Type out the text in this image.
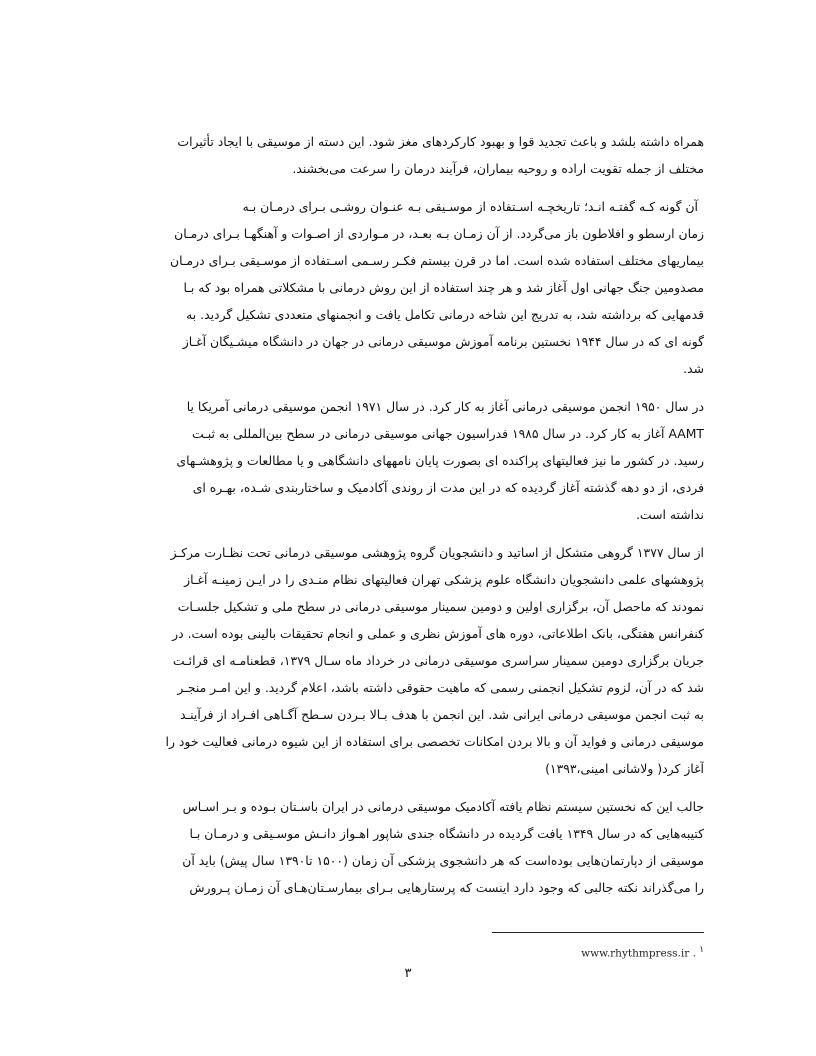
همراه داشته بلشد و باعث تجدید قوا و بهبود کارکردهای مغز شود. این دسته از موسیقی با ایجاد تأثیرات
مختلف از جمله تقویت اراده و روحیه بیماران، فرآیند درمان را سرعت می‌بخشند.

آن گونه کـه گفتـه انـد؛ تاریخچـه اسـتفاده از موسـیقی بـه عنـوان روشـی بـرای درمـان بـه
زمان ارسطو و افلاطون باز می‌گردد. از آن زمـان بـه بعـد، در مـواردی از اصـوات و آهنگهـا بـرای درمـان
بیماریهای مختلف استفاده شده است. اما در قرن بیستم فکـر رسـمی اسـتفاده از موسـیقی بـرای درمـان
مصدومین جنگ جهانی اول آغاز شد و هر چند استفاده از این روش درمانی با مشکلاتی همراه بود که بـا
قدمهایی که برداشته شد، به تدریج این شاخه درمانی تکامل یافت و انجمنهای متعددی تشکیل گردید. به
گونه ای که در سال ۱۹۴۴ نخستین برنامه آموزش موسیقی درمانی در جهان در دانشگاه میشـیگان آغـاز
شد.

در سال ۱۹۵۰ انجمن موسیقی درمانی آغاز به کار کرد. در سال ۱۹۷۱ انجمن موسیقی درمانی آمریکا یا
AAMT آغاز به کار کرد. در سال ۱۹۸۵ فدراسیون جهانی موسیقی درمانی در سطح بین‌المللی به ثبـت
رسید. در کشور ما نیز فعالیتهای پراکنده ای بصورت پایان نامههای دانشگاهی و یا مطالعات و پژوهشـهای
فردی، از دو دهه گذشته آغاز گردیده که در این مدت از روندی آکادمیک و ساختاربندی شـده، بهـره ای
نداشته است.

از سال ۱۳۷۷ گروهی متشکل از اساتید و دانشجویان گروه پژوهشی موسیقی درمانی تحت نظـارت مرکـز
پژوهشهای علمی دانشجویان دانشگاه علوم پزشکی تهران فعالیتهای نظام منـدی را در ایـن زمینـه آغـاز
نمودند که ماحصل آن، برگزاری اولین و دومین سمینار موسیقی درمانی در سطح ملی و تشکیل جلسـات
کنفرانس هفتگی، بانک اطلاعاتی، دوره های آموزش نظری و عملی و انجام تحقیقات بالینی بوده است. در
جریان برگزاری دومین سمینار سراسری موسیقی درمانی در خرداد ماه سـال ۱۳۷۹، قطعنامـه ای قرائـت
شد که در آن، لزوم تشکیل انجمنی رسمی که ماهیت حقوقی داشته باشد، اعلام گردید. و این امـر منجـر
به ثبت انجمن موسیقی درمانی ایرانی شد. این انجمن با هدف بـالا بـردن سـطح آگـاهی افـراد از فرآینـد
موسیقی درمانی و فواید آن و بالا بردن امکانات تخصصی برای استفاده از این شیوه درمانی فعالیت خود را
آغاز کرد( ولاشانی امینی،۱۳۹۳)

جالب این که نخستین سیستم نظام یافته آکادمیک موسیقی درمانی در ایران باسـتان بـوده و بـر اسـاس
کتیبه‌هایی که در سال ۱۳۴۹ یافت گردیده در دانشگاه جندی شاپور اهـواز دانـش موسـیقی و درمـان بـا
موسیقی از دپارتمان‌هایی بوده‌است که هر دانشجوی پزشکی آن زمان (۱۵۰۰ تا۱۳۹۰ سال پیش) باید آن
را می‌گذراند نکته جالبی که وجود دارد اینست که پرستارهایی بـرای بیمارسـتان‌هـای آن زمـان پـرورش

www.rhythmpress.ir . $^۱$
۳
